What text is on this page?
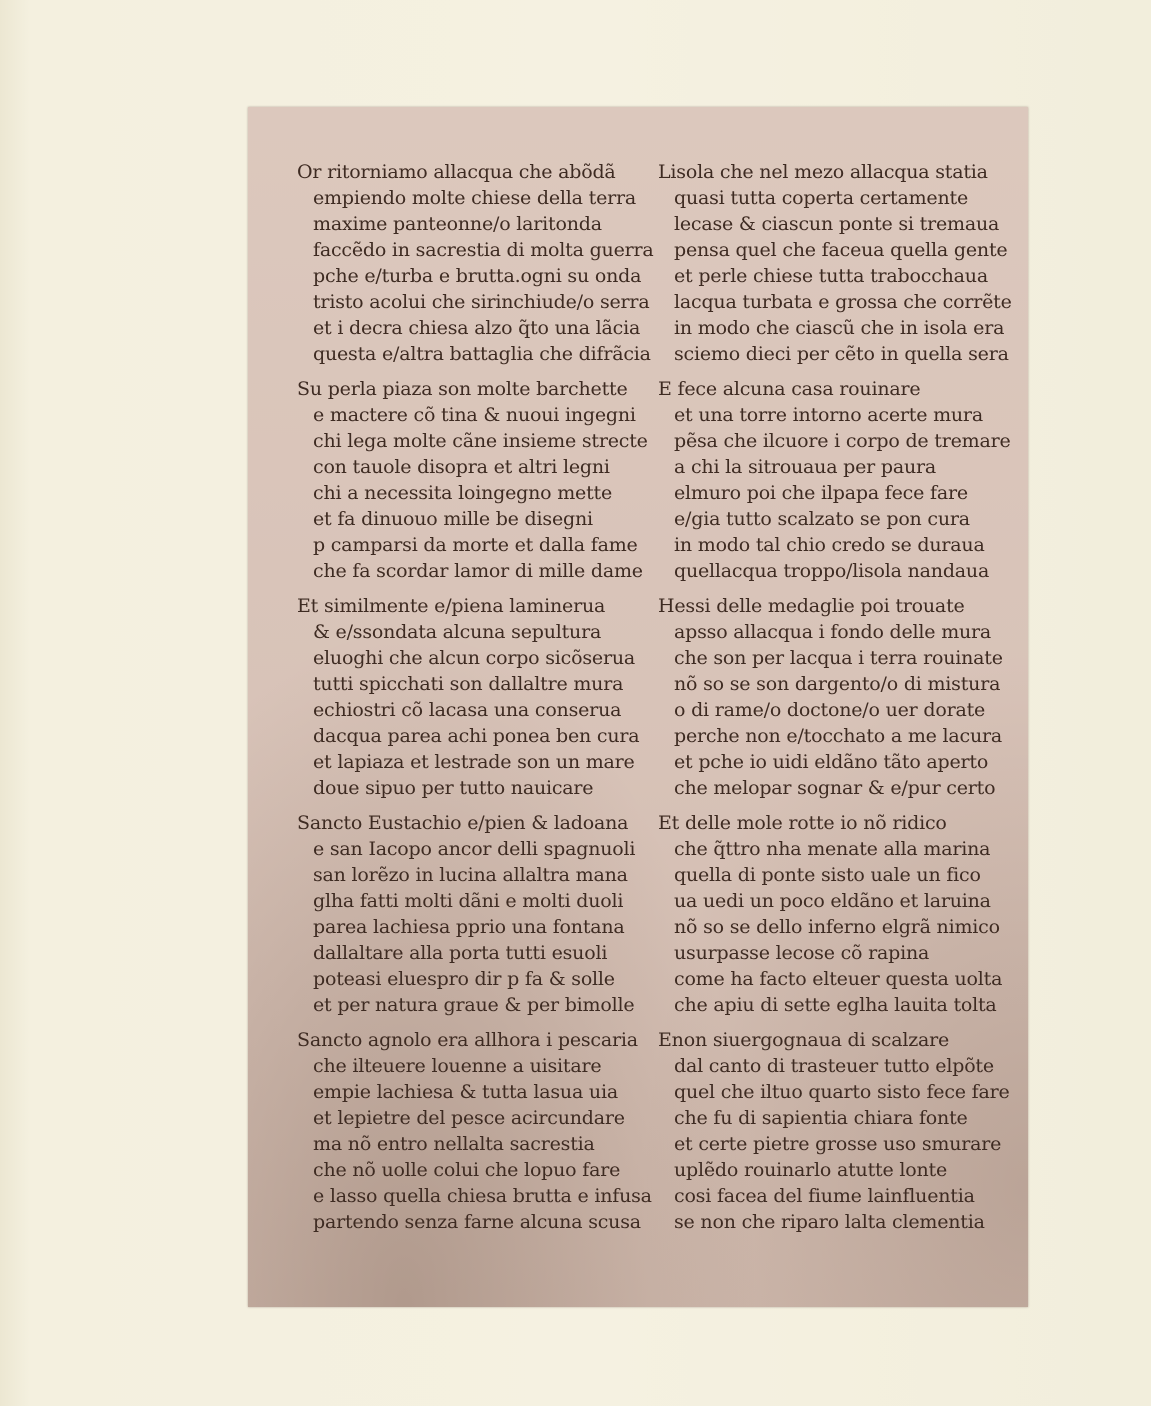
Or ritorniamo allacqua che abõdã
empiendo molte chiese della terra
maxime panteonne/o laritonda
faccẽdo in sacrestia di molta guerra
pche e/turba e brutta.ogni su onda
tristo acolui che sirinchiude/o serra
et i decra chiesa alzo q̃to una lãcia
questa e/altra battaglia che difrãcia
Su perla piaza son molte barchette
e mactere cõ tina & nuoui ingegni
chi lega molte cãne insieme strecte
con tauole disopra et altri legni
chi a necessita loingegno mette
et fa dinuouo mille be disegni
p camparsi da morte et dalla fame
che fa scordar lamor di mille dame
Et similmente e/piena laminerua
& e/ssondata alcuna sepultura
eluoghi che alcun corpo sicõserua
tutti spicchati son dallaltre mura
echiostri cõ lacasa una conserua
dacqua parea achi ponea ben cura
et lapiaza et lestrade son un mare
doue sipuo per tutto nauicare
Sancto Eustachio e/pien & ladoana
e san Iacopo ancor delli spagnuoli
san lorẽzo in lucina allaltra mana
glha fatti molti dãni e molti duoli
parea lachiesa pprio una fontana
dallaltare alla porta tutti esuoli
poteasi eluespro dir p fa & solle
et per natura graue & per bimolle
Sancto agnolo era allhora i pescaria
che ilteuere louenne a uisitare
empie lachiesa & tutta lasua uia
et lepietre del pesce acircundare
ma nõ entro nellalta sacrestia
che nõ uolle colui che lopuo fare
e lasso quella chiesa brutta e infusa
partendo senza farne alcuna scusa
Lisola che nel mezo allacqua statia
quasi tutta coperta certamente
lecase & ciascun ponte si tremaua
pensa quel che faceua quella gente
et perle chiese tutta trabocchaua
lacqua turbata e grossa che corrẽte
in modo che ciascũ che in isola era
sciemo dieci per cẽto in quella sera
E fece alcuna casa rouinare
et una torre intorno acerte mura
pẽsa che ilcuore i corpo de tremare
a chi la sitrouaua per paura
elmuro poi che ilpapa fece fare
e/gia tutto scalzato se pon cura
in modo tal chio credo se duraua
quellacqua troppo/lisola nandaua
Hessi delle medaglie poi trouate
apsso allacqua i fondo delle mura
che son per lacqua i terra rouinate
nõ so se son dargento/o di mistura
o di rame/o doctone/o uer dorate
perche non e/tocchato a me lacura
et pche io uidi eldãno tãto aperto
che melopar sognar & e/pur certo
Et delle mole rotte io nõ ridico
che q̃ttro nha menate alla marina
quella di ponte sisto uale un fico
ua uedi un poco eldãno et laruina
nõ so se dello inferno elgrã nimico
usurpasse lecose cõ rapina
come ha facto elteuer questa uolta
che apiu di sette eglha lauita tolta
Enon siuergognaua di scalzare
dal canto di trasteuer tutto elpõte
quel che iltuo quarto sisto fece fare
che fu di sapientia chiara fonte
et certe pietre grosse uso smurare
uplẽdo rouinarlo atutte lonte
cosi facea del fiume lainfluentia
se non che riparo lalta clementia
